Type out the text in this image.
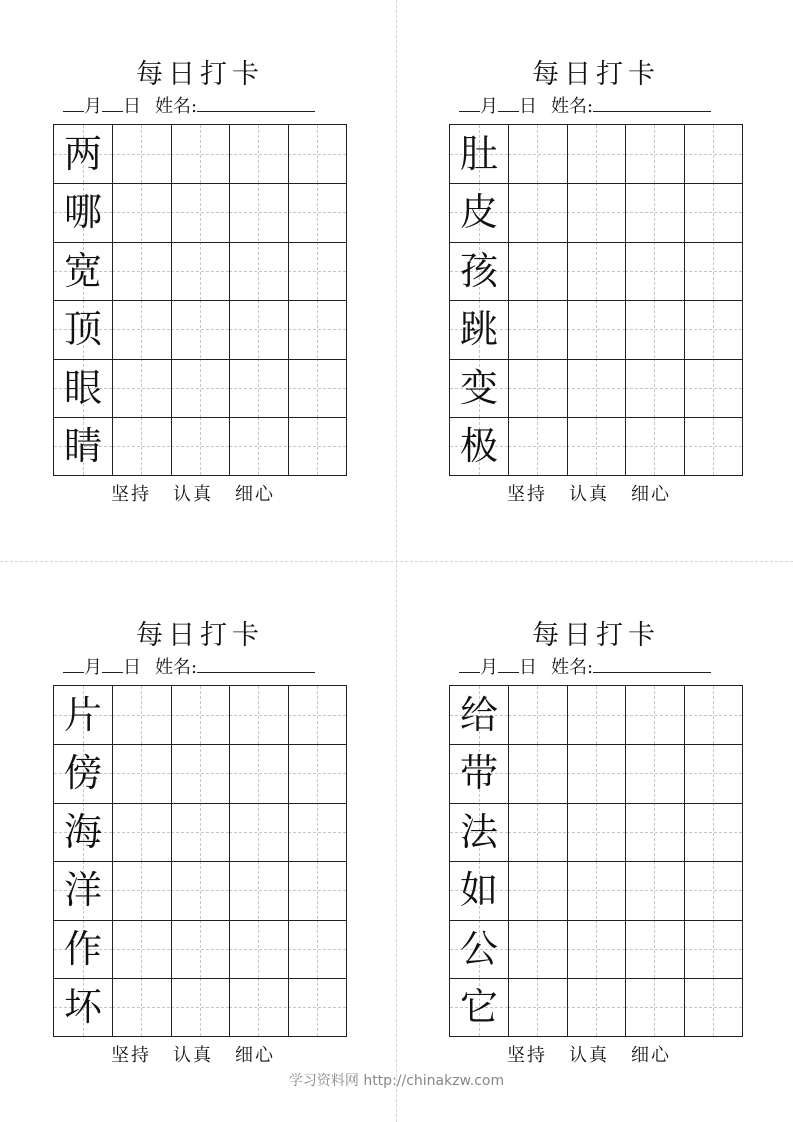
每日打卡
月 日 姓名:
两
哪
宽
顶
眼
睛
坚持 认真 细心
每日打卡
月 日 姓名:
肚
皮
孩
跳
变
极
坚持 认真 细心
每日打卡
月 日 姓名:
片
傍
海
洋
作
坏
坚持 认真 细心
每日打卡
月 日 姓名:
给
带
法
如
公
它
坚持 认真 细心
学习资料网 http://chinakzw.com
